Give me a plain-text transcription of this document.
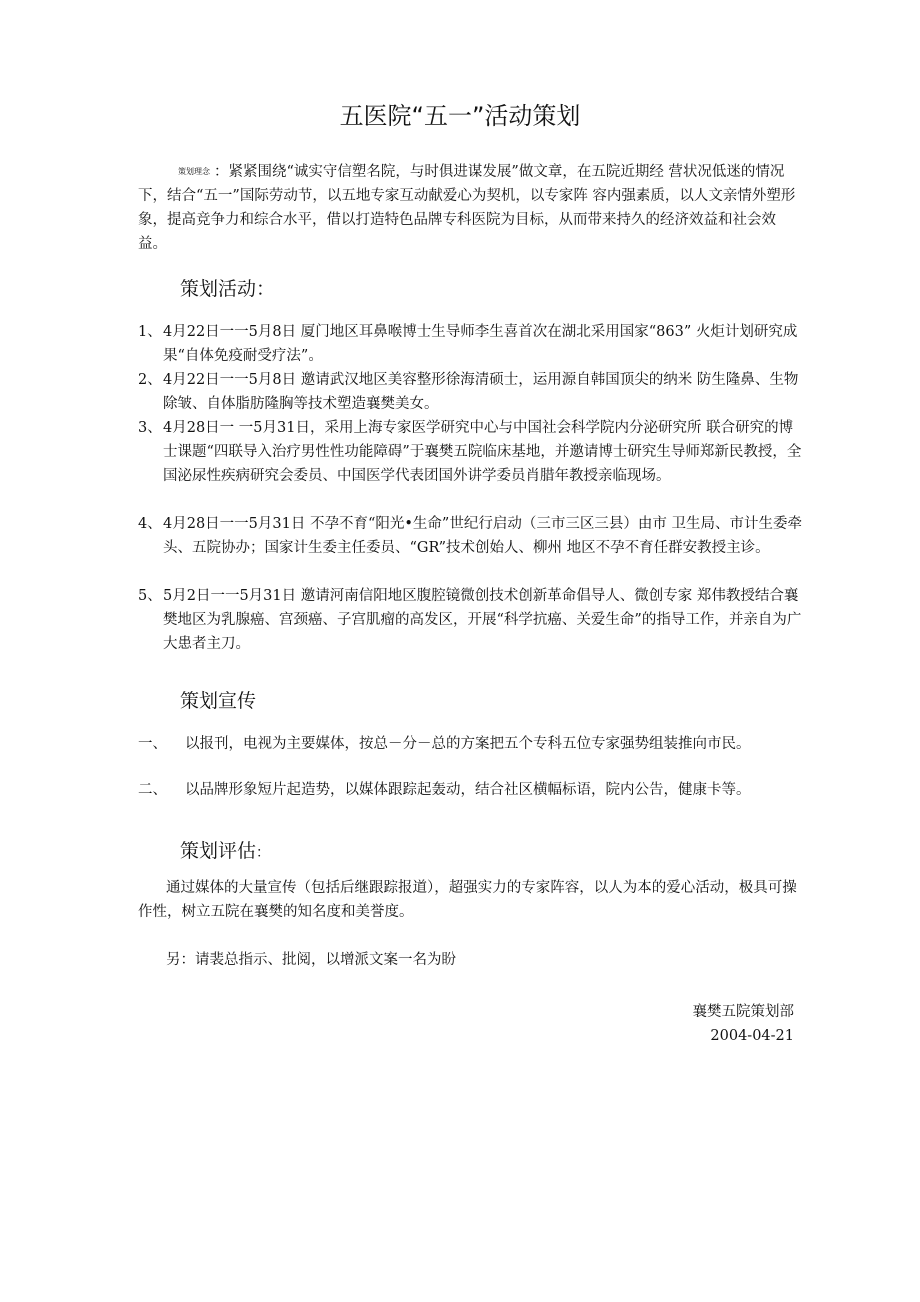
五医院“五一”活动策划
策划理念 ：紧紧围绕“诚实守信塑名院，与时俱进谋发展”做文章，在五院近期经 营状况低迷的情况下，结合“五一”国际劳动节，以五地专家互动献爱心为契机，以专家阵 容内强素质，以人文亲情外塑形象，提高竞争力和综合水平，借以打造特色品牌专科医院为目标，从而带来持久的经济效益和社会效益。
策划活动：
1、 4月22日一一5月8日 厦门地区耳鼻喉博士生导师李生喜首次在湖北采用国家“863” 火炬计划研究成果“自体免疫耐受疗法”。
2、 4月22日一一5月8日 邀请武汉地区美容整形徐海清硕士，运用源自韩国顶尖的纳米 防生隆鼻、生物除皱、自体脂肪隆胸等技术塑造襄樊美女。
3、 4月28日一 一5月31日，采用上海专家医学研究中心与中国社会科学院内分泌研究所 联合研究的博士课题“四联导入治疗男性性功能障碍”于襄樊五院临床基地，并邀请博士研究生导师郑新民教授，全国泌尿性疾病研究会委员、中国医学代表团国外讲学委员肖腊年教授亲临现场。
4、 4月28日一一5月31日 不孕不育“阳光•生命”世纪行启动（三市三区三县）由市 卫生局、市计生委牵头、五院协办；国家计生委主任委员、“GR”技术创始人、柳州 地区不孕不育任群安教授主诊。
5、 5月2日一一5月31日 邀请河南信阳地区腹腔镜微创技术创新革命倡导人、微创专家 郑伟教授结合襄樊地区为乳腺癌、宫颈癌、子宫肌瘤的高发区，开展“科学抗癌、关爱生命”的指导工作，并亲自为广大患者主刀。
策划宣传
一、 以报刊，电视为主要媒体，按总－分－总的方案把五个专科五位专家强势组装推向市民。
二、 以品牌形象短片起造势，以媒体跟踪起轰动，结合社区横幅标语，院内公告，健康卡等。
策划评估：
通过媒体的大量宣传（包括后继跟踪报道），超强实力的专家阵容，以人为本的爱心活动，极具可操作性，树立五院在襄樊的知名度和美誉度。
另：请裴总指示、批阅，以增派文案一名为盼
襄樊五院策划部
2004-04-21
